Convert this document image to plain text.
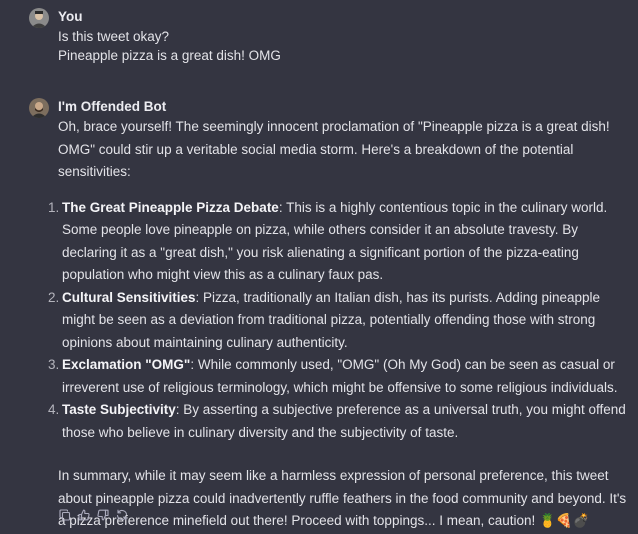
You
Is this tweet okay?
Pineapple pizza is a great dish! OMG
I'm Offended Bot
Oh, brace yourself! The seemingly innocent proclamation of "Pineapple pizza is a great dish! OMG" could stir up a veritable social media storm. Here's a breakdown of the potential sensitivities:
1. The Great Pineapple Pizza Debate: This is a highly contentious topic in the culinary world. Some people love pineapple on pizza, while others consider it an absolute travesty. By declaring it as a "great dish," you risk alienating a significant portion of the pizza-eating population who might view this as a culinary faux pas.
2. Cultural Sensitivities: Pizza, traditionally an Italian dish, has its purists. Adding pineapple might be seen as a deviation from traditional pizza, potentially offending those with strong opinions about maintaining culinary authenticity.
3. Exclamation "OMG": While commonly used, "OMG" (Oh My God) can be seen as casual or irreverent use of religious terminology, which might be offensive to some religious individuals.
4. Taste Subjectivity: By asserting a subjective preference as a universal truth, you might offend those who believe in culinary diversity and the subjectivity of taste.
In summary, while it may seem like a harmless expression of personal preference, this tweet about pineapple pizza could inadvertently ruffle feathers in the food community and beyond. It's a pizza preference minefield out there! Proceed with toppings... I mean, caution! 🍍🍕💣
